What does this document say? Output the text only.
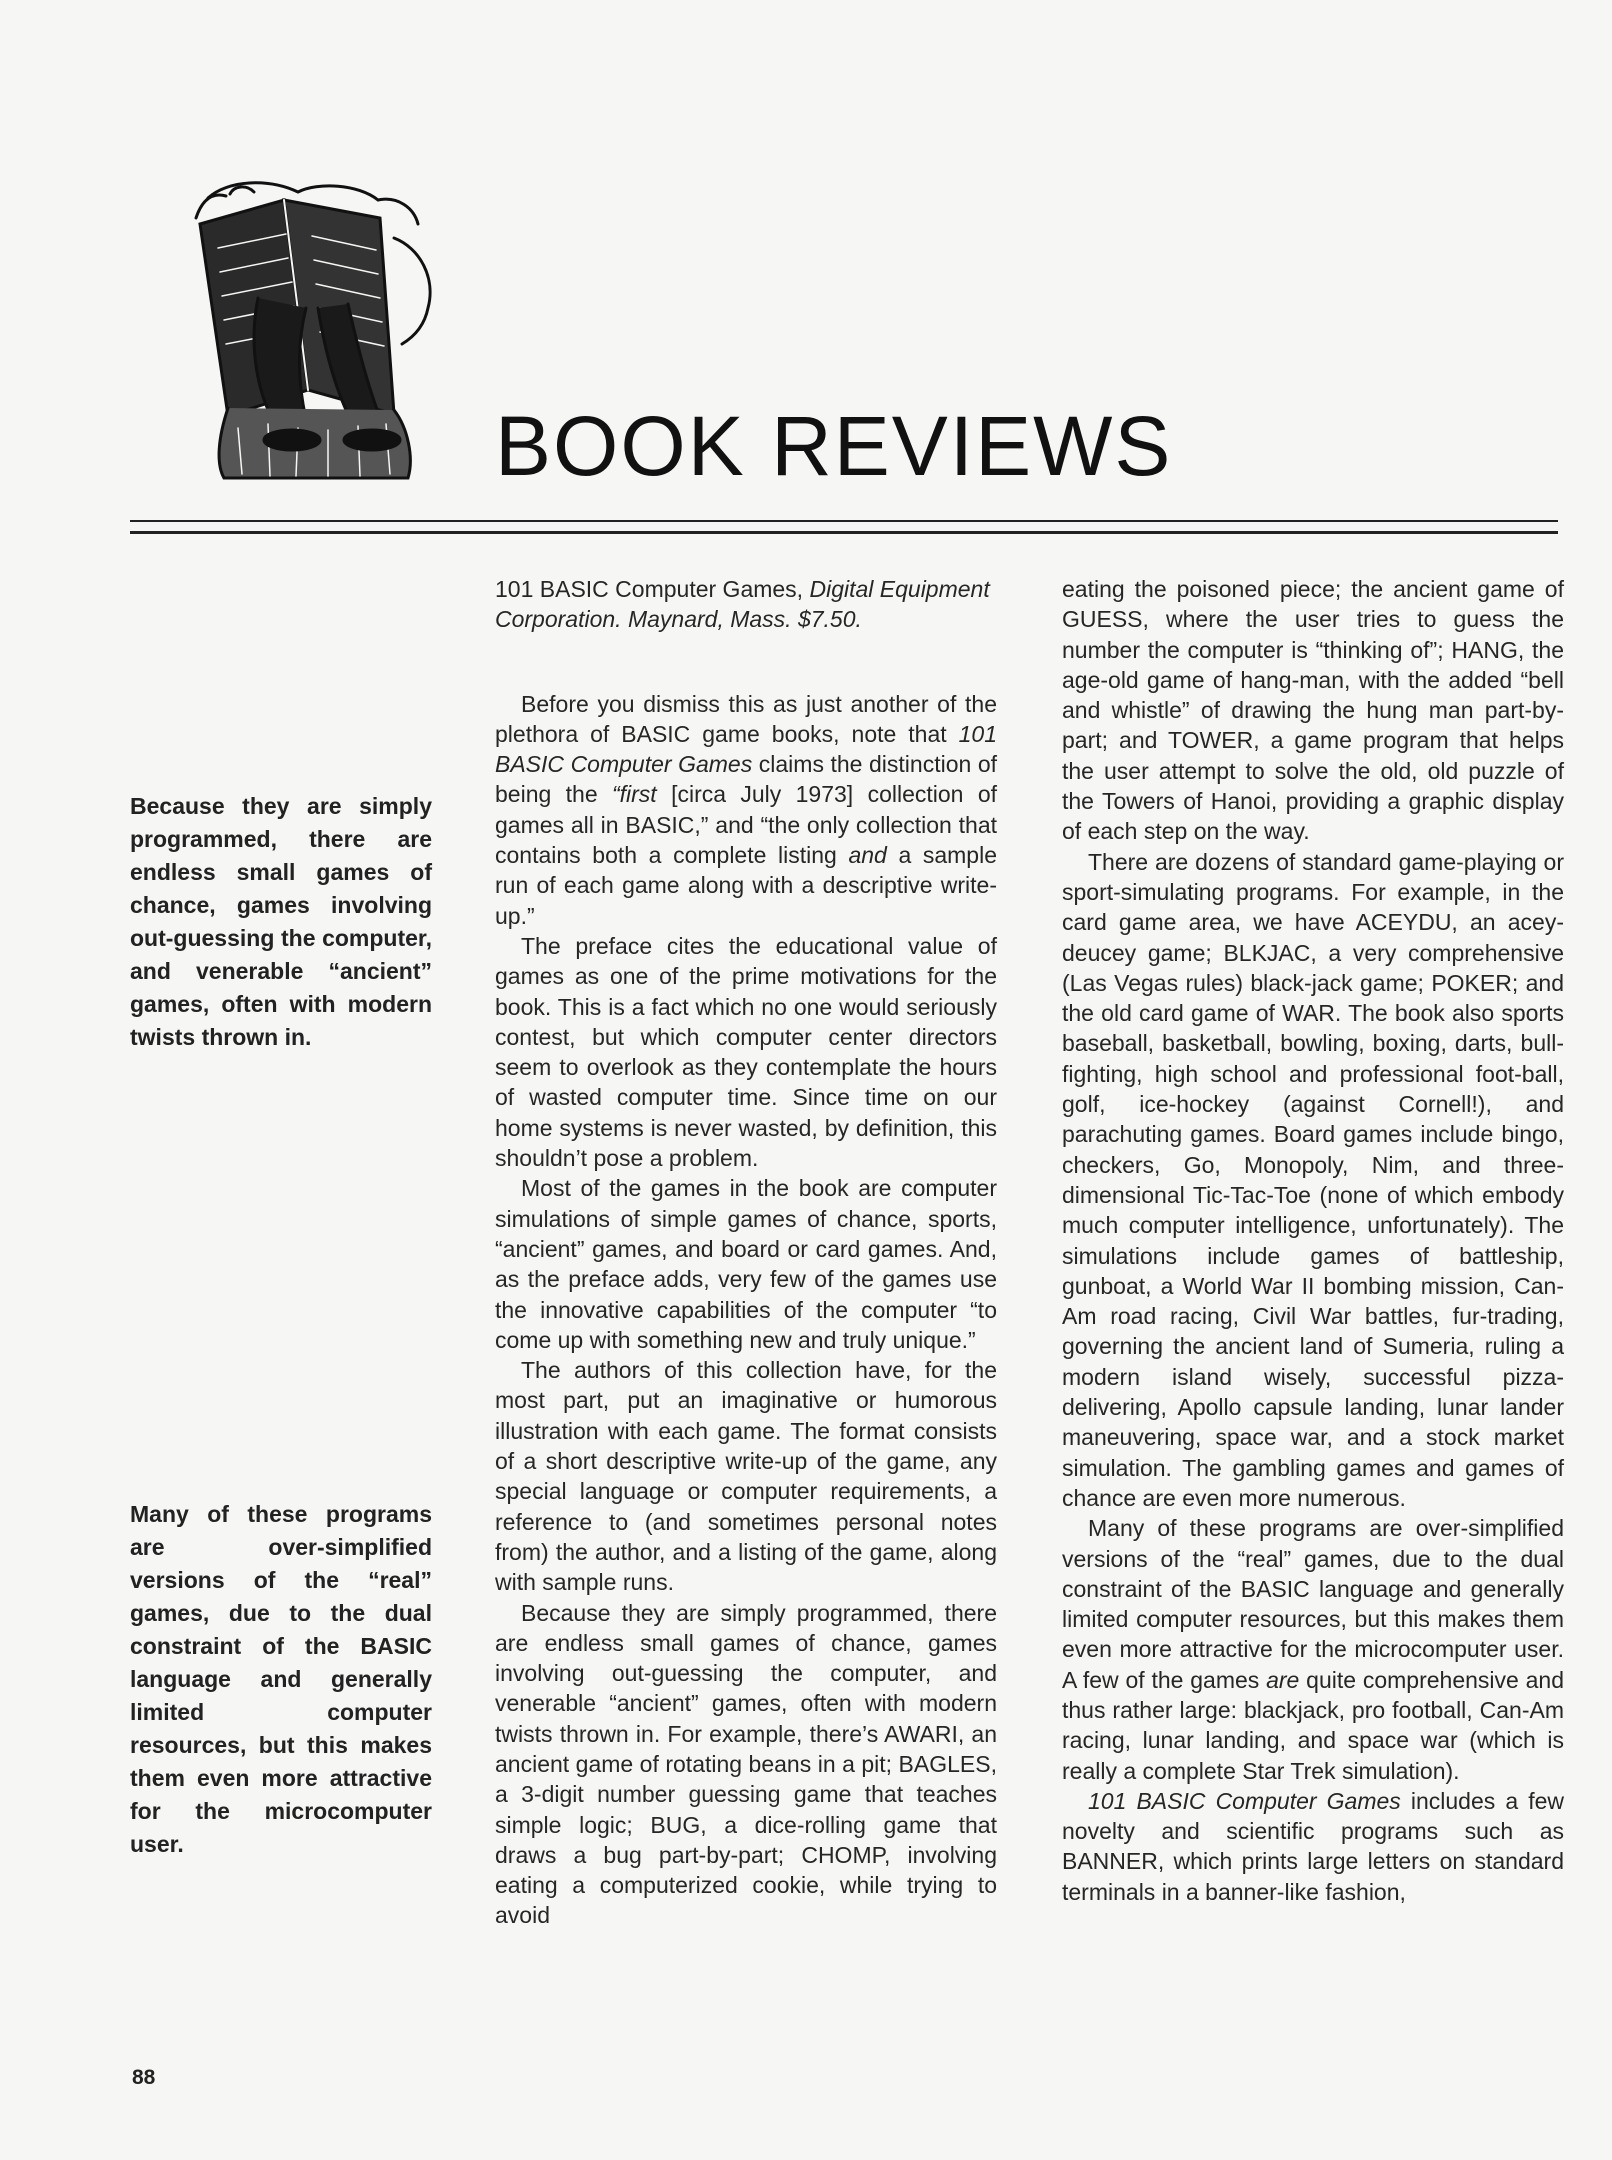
BOOK REVIEWS
Because they are simply programmed, there are endless small games of chance, games involving out-guessing the computer, and venerable “ancient” games, often with modern twists thrown in.
Many of these programs are over-simplified versions of the “real” games, due to the dual constraint of the BASIC language and generally limited computer resources, but this makes them even more attractive for the microcomputer user.

101 BASIC Computer Games, Digital Equipment Corporation. Maynard, Mass. $7.50.

Before you dismiss this as just another of the plethora of BASIC game books, note that 101 BASIC Computer Games claims the distinction of being the “first [circa July 1973] collection of games all in BASIC,” and “the only collection that contains both a complete listing and a sample run of each game along with a descriptive write-up.”

The preface cites the educational value of games as one of the prime motivations for the book. This is a fact which no one would seriously contest, but which computer center directors seem to overlook as they contemplate the hours of wasted computer time. Since time on our home systems is never wasted, by definition, this shouldn’t pose a problem.

Most of the games in the book are computer simulations of simple games of chance, sports, “ancient” games, and board or card games. And, as the preface adds, very few of the games use the innovative capabilities of the computer “to come up with something new and truly unique.”

The authors of this collection have, for the most part, put an imaginative or humorous illustration with each game. The format consists of a short descriptive write-up of the game, any special language or computer requirements, a reference to (and sometimes personal notes from) the author, and a listing of the game, along with sample runs.

Because they are simply programmed, there are endless small games of chance, games involving out-guessing the computer, and venerable “ancient” games, often with modern twists thrown in. For example, there’s AWARI, an ancient game of rotating beans in a pit; BAGLES, a 3-digit number guessing game that teaches simple logic; BUG, a dice-rolling game that draws a bug part-by-part; CHOMP, involving eating a computerized cookie, while trying to avoid

eating the poisoned piece; the ancient game of GUESS, where the user tries to guess the number the computer is “thinking of”; HANG, the age-old game of hang-man, with the added “bell and whistle” of drawing the hung man part-by-part; and TOWER, a game program that helps the user attempt to solve the old, old puzzle of the Towers of Hanoi, providing a graphic display of each step on the way.

There are dozens of standard game-playing or sport-simulating programs. For example, in the card game area, we have ACEYDU, an acey-deucey game; BLKJAC, a very comprehensive (Las Vegas rules) black-jack game; POKER; and the old card game of WAR. The book also sports baseball, basketball, bowling, boxing, darts, bull-fighting, high school and professional foot-ball, golf, ice-hockey (against Cornell!), and parachuting games. Board games include bingo, checkers, Go, Monopoly, Nim, and three-dimensional Tic-Tac-Toe (none of which embody much computer intelligence, unfortunately). The simulations include games of battleship, gunboat, a World War II bombing mission, Can-Am road racing, Civil War battles, fur-trading, governing the ancient land of Sumeria, ruling a modern island wisely, successful pizza-delivering, Apollo capsule landing, lunar lander maneuvering, space war, and a stock market simulation. The gambling games and games of chance are even more numerous.

Many of these programs are over-simplified versions of the “real” games, due to the dual constraint of the BASIC language and generally limited computer resources, but this makes them even more attractive for the microcomputer user. A few of the games are quite comprehensive and thus rather large: blackjack, pro football, Can-Am racing, lunar landing, and space war (which is really a complete Star Trek simulation).

101 BASIC Computer Games includes a few novelty and scientific programs such as BANNER, which prints large letters on standard terminals in a banner-like fashion,

88
